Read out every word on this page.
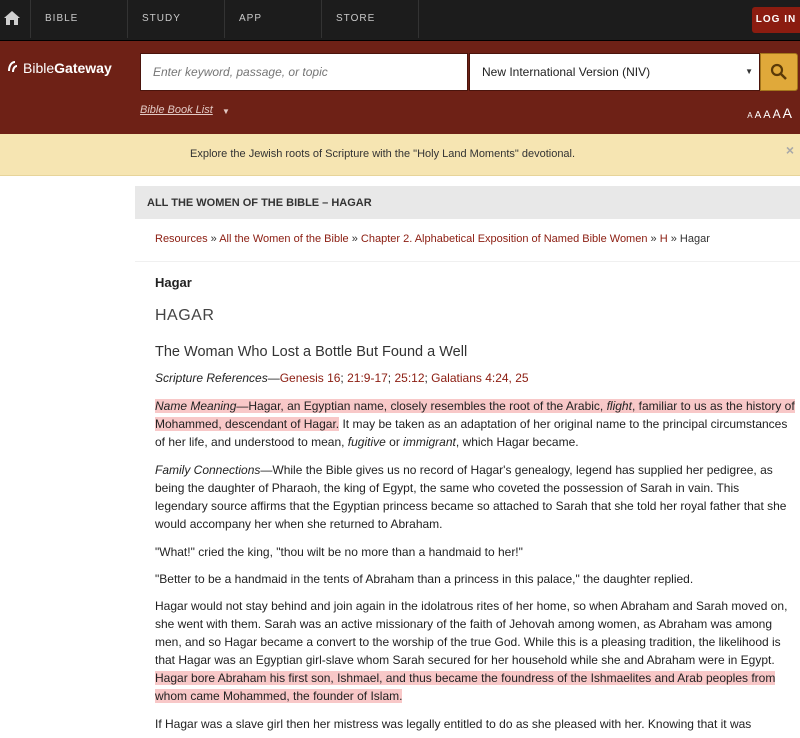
BIBLE	STUDY	APP	STORE	LOG IN
BibleGateway
Enter keyword, passage, or topic	New International Version (NIV)	▼
Bible Book List ▼	A A A A A
Explore the Jewish roots of Scripture with the "Holy Land Moments" devotional.	×
ALL THE WOMEN OF THE BIBLE – HAGAR
Resources » All the Women of the Bible » Chapter 2. Alphabetical Exposition of Named Bible Women » H » Hagar
Hagar
HAGAR
The Woman Who Lost a Bottle But Found a Well
Scripture References—Genesis 16; 21:9-17; 25:12; Galatians 4:24, 25
Name Meaning—Hagar, an Egyptian name, closely resembles the root of the Arabic, flight, familiar to us as the history of Mohammed, descendant of Hagar. It may be taken as an adaptation of her original name to the principal circumstances of her life, and understood to mean, fugitive or immigrant, which Hagar became.
Family Connections—While the Bible gives us no record of Hagar's genealogy, legend has supplied her pedigree, as being the daughter of Pharaoh, the king of Egypt, the same who coveted the possession of Sarah in vain. This legendary source affirms that the Egyptian princess became so attached to Sarah that she told her royal father that she would accompany her when she returned to Abraham.
"What!" cried the king, "thou wilt be no more than a handmaid to her!"
"Better to be a handmaid in the tents of Abraham than a princess in this palace," the daughter replied.
Hagar would not stay behind and join again in the idolatrous rites of her home, so when Abraham and Sarah moved on, she went with them. Sarah was an active missionary of the faith of Jehovah among women, as Abraham was among men, and so Hagar became a convert to the worship of the true God. While this is a pleasing tradition, the likelihood is that Hagar was an Egyptian girl-slave whom Sarah secured for her household while she and Abraham were in Egypt. Hagar bore Abraham his first son, Ishmael, and thus became the foundress of the Ishmaelites and Arab peoples from whom came Mohammed, the founder of Islam.
If Hagar was a slave girl then her mistress was legally entitled to do as she pleased with her. Knowing that it was
